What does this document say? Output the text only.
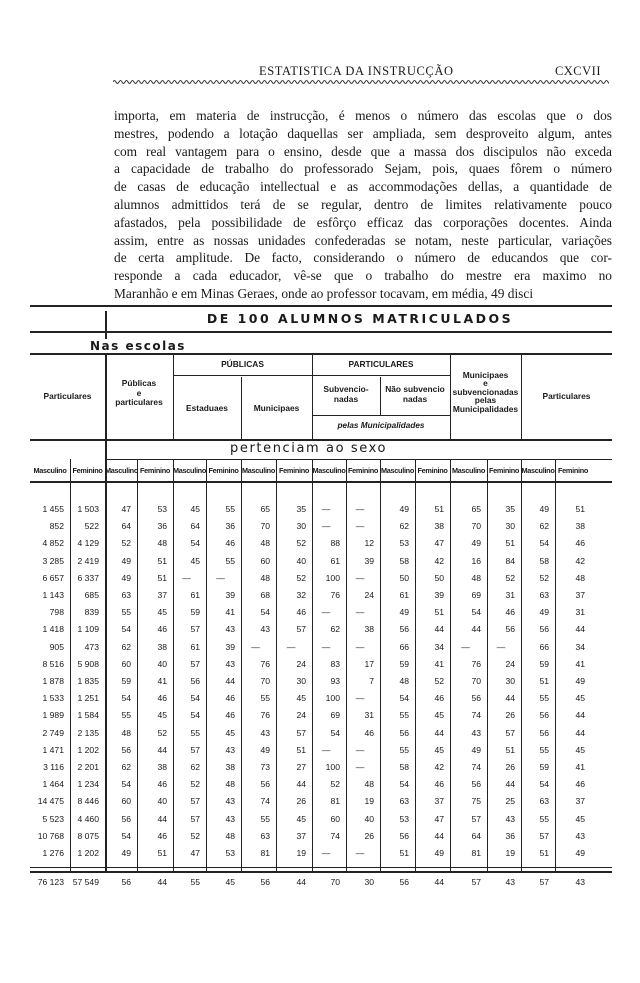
ESTATISTICA DA INSTRUCÇÃO	CXCVII
importa, em materia de instrucção, é menos o número das escolas que o dos
mestres, podendo a lotação daquellas ser ampliada, sem desproveito algum, antes
com real vantagem para o ensino, desde que a massa dos discipulos não exceda
a capacidade de trabalho do professorado Sejam, pois, quaes fôrem o número
de casas de educação intellectual e as accommodações dellas, a quantidade de
alumnos admittidos terá de se regular, dentro de limites relativamente pouco
afastados, pela possibilidade de esfôrço efficaz das corporações docentes. Ainda
assim, entre as nossas unidades confederadas se notam, neste particular, variações
de certa amplitude. De facto, considerando o número de educandos que cor-
responde a cada educador, vê-se que o trabalho do mestre era maximo no
Maranhão e em Minas Geraes, onde ao professor tocavam, em média, 49 disci
DE 100 ALUMNOS MATRICULADOS
Nas escolas
Particulares
Públicas
e
particulares
PÚBLICAS
Estaduaes	Municipaes
PARTICULARES
Subvencio-
nadas
Não subvencio
nadas
pelas Municipalidades
Municipaes
e
subvencionadas
pelas
Municipalidades
Particulares
pertenciam ao sexo
Masculino Feminino Masculino Feminino Masculino Feminino Masculino Feminino Masculino Feminino Masculino Feminino Masculino Feminino Masculino Feminino
1 455	1 503	47	53	45	55	65	35	—	—	49	51	65	35	49	51
852	522	64	36	64	36	70	30	—	—	62	38	70	30	62	38
4 852	4 129	52	48	54	46	48	52	88	12	53	47	49	51	54	46
3 285	2 419	49	51	45	55	60	40	61	39	58	42	16	84	58	42
6 657	6 337	49	51	—	—	48	52	100	—	50	50	48	52	52	48
1 143	685	63	37	61	39	68	32	76	24	61	39	69	31	63	37
798	839	55	45	59	41	54	46	—	—	49	51	54	46	49	31
1 418	1 109	54	46	57	43	43	57	62	38	56	44	44	56	56	44
905	473	62	38	61	39	—	—	—	—	66	34	—	—	66	34
8 516	5 908	60	40	57	43	76	24	83	17	59	41	76	24	59	41
1 878	1 835	59	41	56	44	70	30	93	7	48	52	70	30	51	49
1 533	1 251	54	46	54	46	55	45	100	—	54	46	56	44	55	45
1 989	1 584	55	45	54	46	76	24	69	31	55	45	74	26	56	44
2 749	2 135	48	52	55	45	43	57	54	46	56	44	43	57	56	44
1 471	1 202	56	44	57	43	49	51	—	—	55	45	49	51	55	45
3 116	2 201	62	38	62	38	73	27	100	—	58	42	74	26	59	41
1 464	1 234	54	46	52	48	56	44	52	48	54	46	56	44	54	46
14 475	8 446	60	40	57	43	74	26	81	19	63	37	75	25	63	37
5 523	4 460	56	44	57	43	55	45	60	40	53	47	57	43	55	45
10 768	8 075	54	46	52	48	63	37	74	26	56	44	64	36	57	43
1 276	1 202	49	51	47	53	81	19	—	—	51	49	81	19	51	49
76 123	57 549	56	44	55	45	56	44	70	30	56	44	57	43	57	43
